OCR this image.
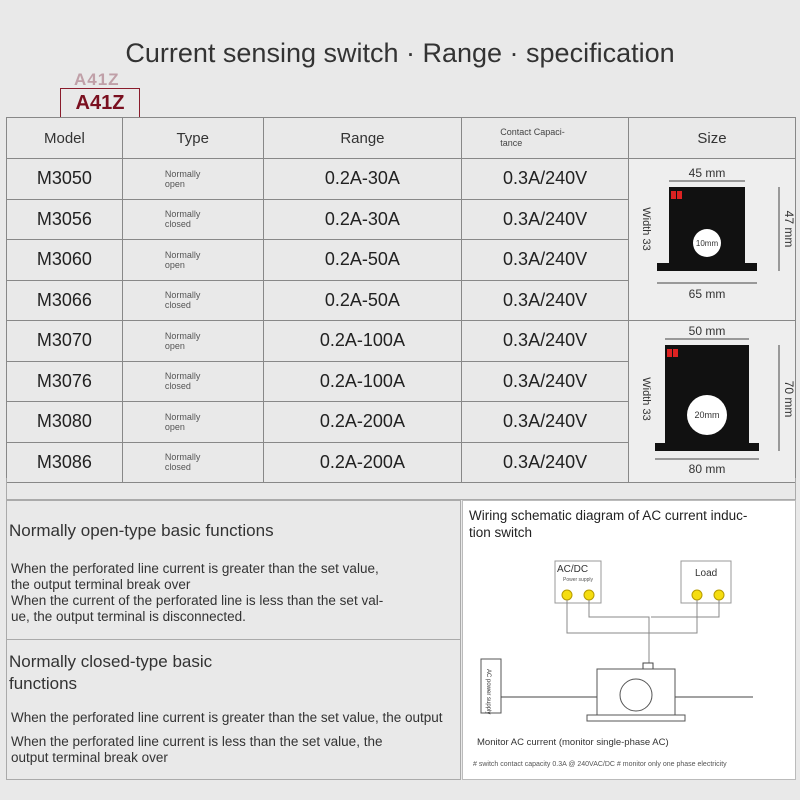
Current sensing switch · Range · specification
A41Z
A41Z
Model	Type	Range	Contact Capaci-
tance	Size
M3050	Normally
open	0.2A-30A	0.3A/240V	45 mm
10mm 47 mm
Width 33
65 mm

M3056	Normally
closed	0.2A-30A	0.3A/240V	
M3060	Normally
open	0.2A-50A	0.3A/240V	
M3066	Normally
closed	0.2A-50A	0.3A/240V	
M3070	Normally
open	0.2A-100A	0.3A/240V	50 mm
20mm 70 mm
Width 33
80 mm

M3076	Normally
closed	0.2A-100A	0.3A/240V	
M3080	Normally
open	0.2A-200A	0.3A/240V	
M3086	Normally
closed	0.2A-200A	0.3A/240V	
Normally open-type basic functions
When the perforated line current is greater than the set value,
the output terminal break over
When the current of the perforated line is less than the set val-
ue, the output terminal is disconnected.
Normally closed-type basic
functions
When the perforated line current is greater than the set value, the output
When the perforated line current is less than the set value, the
output terminal break over
Wiring schematic diagram of AC current induc-
tion switch
AC/DC
Power supply
Load
AC power supply
Monitor AC current (monitor single-phase AC)
# switch contact capacity 0.3A @ 240VAC/DC # monitor only one phase electricity
